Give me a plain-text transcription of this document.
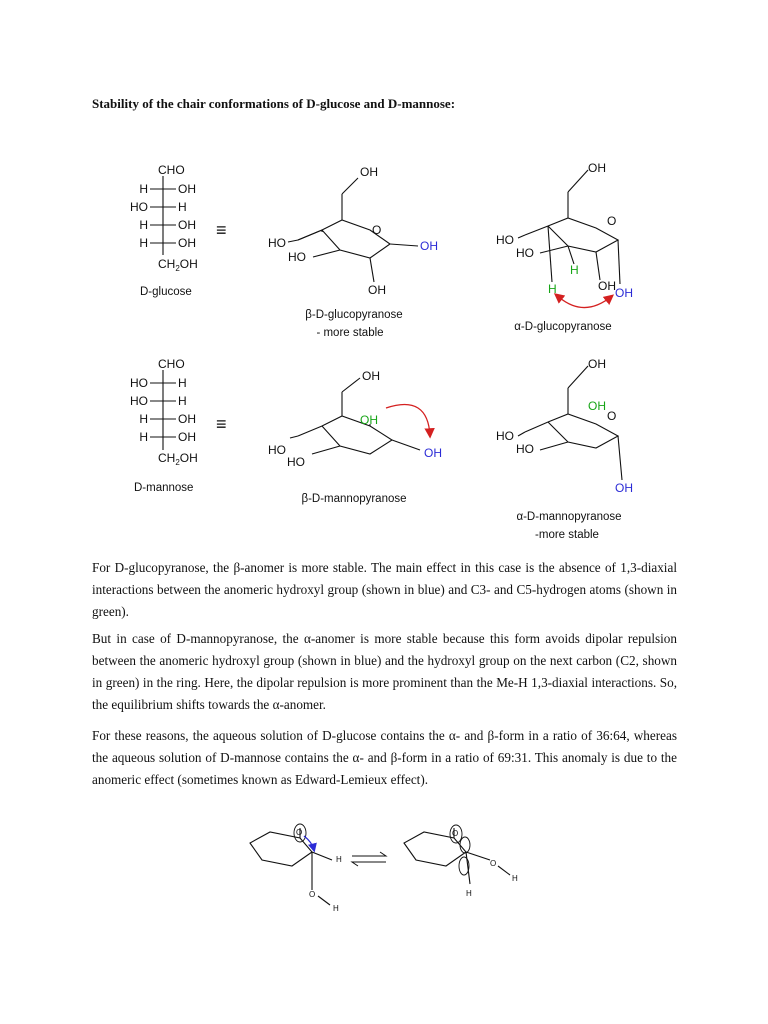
Stability of the chair conformations of D-glucose and D-mannose:
CHO
H	OH
HO	H
H	OH
H	OH
$CH_2OH$
D-glucose
≡
OH
HO
HO
O
OH
OH
β-D-glucopyranose
- more stable
OH
O
HO
HO
H
H	OH OH
α-D-glucopyranose
CHO
HO	H
HO	H
H	OH
H	OH
$CH_2OH$
D-mannose
≡
OH
OH
HO
HO
OH
β-D-mannopyranose
OH
OH
O
HO
HO
OH
α-D-mannopyranose
-more stable
O
H
O
H
O
O
H
H

For D-glucopyranose, the β-anomer is more stable. The main effect in this case is the absence of 1,3-diaxial interactions between the anomeric hydroxyl group (shown in blue) and C3- and C5-hydrogen atoms (shown in green).

But in case of D-mannopyranose, the α-anomer is more stable because this form avoids dipolar repulsion between the anomeric hydroxyl group (shown in blue) and the hydroxyl group on the next carbon (C2, shown in green) in the ring. Here, the dipolar repulsion is more prominent than the Me-H 1,3-diaxial interactions. So, the equilibrium shifts towards the α-anomer.

For these reasons, the aqueous solution of D-glucose contains the α- and β-form in a ratio of 36:64, whereas the aqueous solution of D-mannose contains the α- and β-form in a ratio of 69:31. This anomaly is due to the anomeric effect (sometimes known as Edward-Lemieux effect).
